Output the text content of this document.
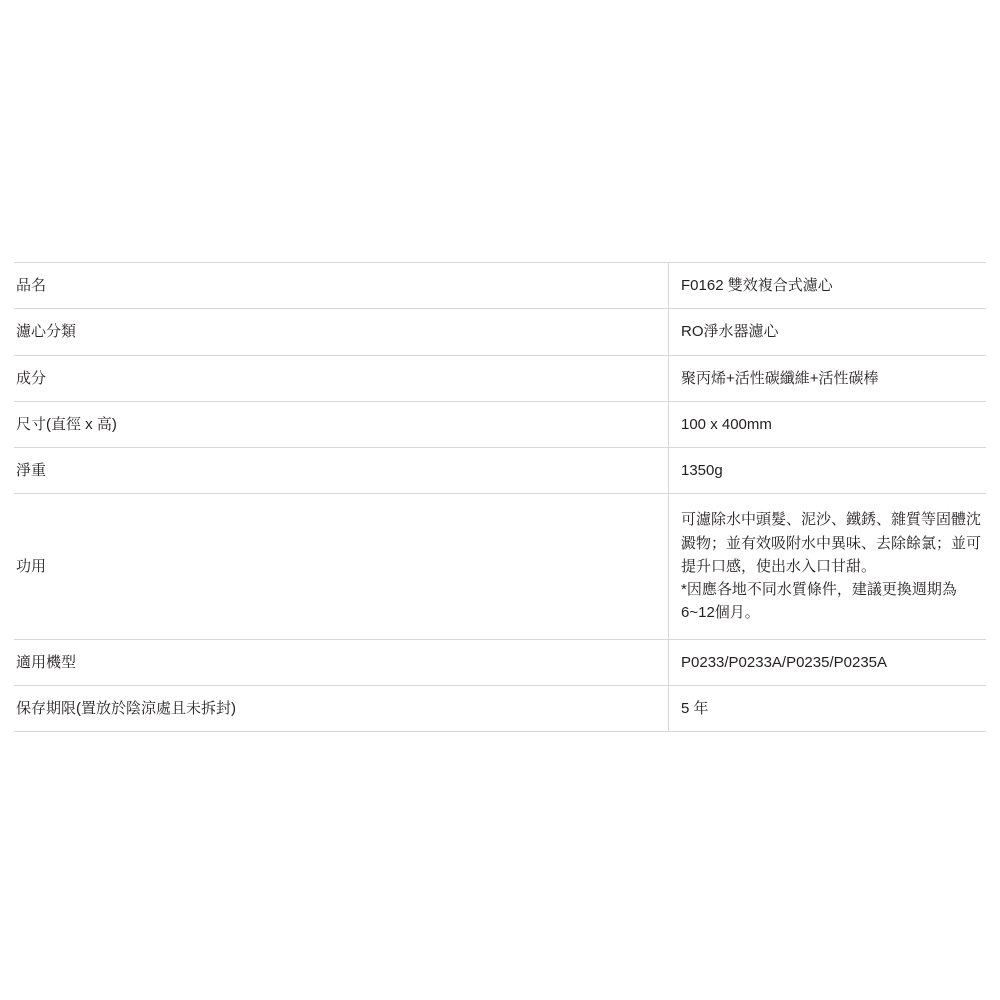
品名	F0162 雙效複合式濾心
濾心分類	RO淨水器濾心
成分	聚丙烯+活性碳纖維+活性碳棒
尺寸(直徑 x 高)	100 x 400mm
淨重	1350g
功用	可濾除水中頭髮、泥沙、鐵銹、雜質等固體沈澱物；並有效吸附水中異味、去除餘氯；並可提升口感，使出水入口甘甜。
*因應各地不同水質條件，建議更換週期為6~12個月。

適用機型	P0233/P0233A/P0235/P0235A
保存期限(置放於陰涼處且未拆封)	5 年
